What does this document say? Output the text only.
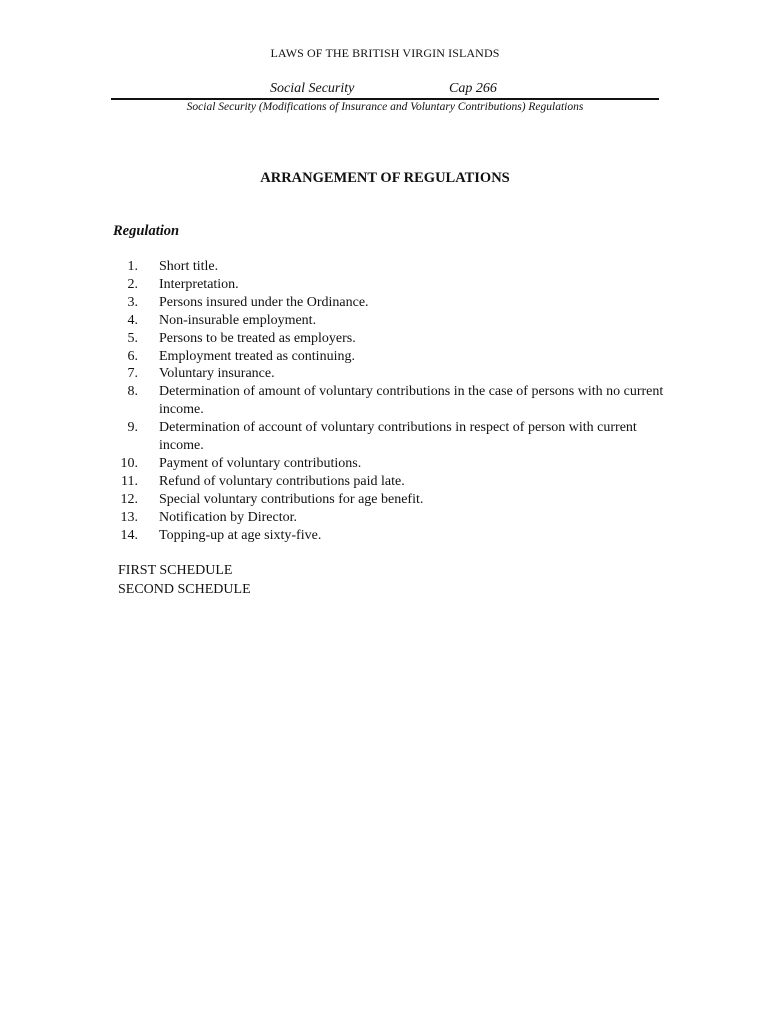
LAWS OF THE BRITISH VIRGIN ISLANDS
Social Security	Cap 266
Social Security (Modifications of Insurance and Voluntary Contributions) Regulations
ARRANGEMENT OF REGULATIONS
Regulation
1. Short title.
2. Interpretation.
3. Persons insured under the Ordinance.
4. Non-insurable employment.
5. Persons to be treated as employers.
6. Employment treated as continuing.
7. Voluntary insurance.
8. Determination of amount of voluntary contributions in the case of persons with no current income.
9. Determination of account of voluntary contributions in respect of person with current income.
10. Payment of voluntary contributions.
11. Refund of voluntary contributions paid late.
12. Special voluntary contributions for age benefit.
13. Notification by Director.
14. Topping-up at age sixty-five.
FIRST SCHEDULE
SECOND SCHEDULE
